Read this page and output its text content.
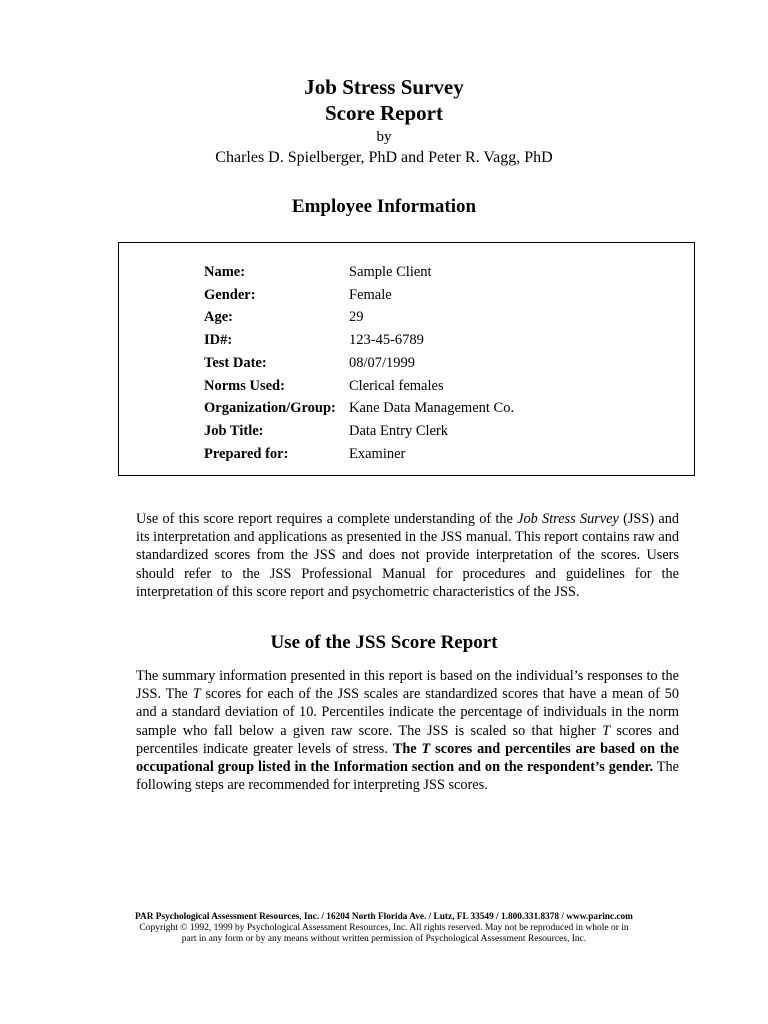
Job Stress Survey
Score Report
by
Charles D. Spielberger, PhD and Peter R. Vagg, PhD
Employee Information
Name:	Sample Client
Gender:	Female
Age:	29
ID#:	123-45-6789
Test Date:	08/07/1999
Norms Used:	Clerical females
Organization/Group:	Kane Data Management Co.
Job Title:	Data Entry Clerk
Prepared for:	Examiner
Use of this score report requires a complete understanding of the Job Stress Survey (JSS) and its interpretation and applications as presented in the JSS manual. This report contains raw and standardized scores from the JSS and does not provide interpretation of the scores. Users should refer to the JSS Professional Manual for procedures and guidelines for the interpretation of this score report and psychometric characteristics of the JSS.
Use of the JSS Score Report
The summary information presented in this report is based on the individual’s responses to the JSS. The T scores for each of the JSS scales are standardized scores that have a mean of 50 and a standard deviation of 10. Percentiles indicate the percentage of individuals in the norm sample who fall below a given raw score. The JSS is scaled so that higher T scores and percentiles indicate greater levels of stress. The T scores and percentiles are based on the occupational group listed in the Information section and on the respondent’s gender. The following steps are recommended for interpreting JSS scores.
PAR Psychological Assessment Resources, Inc. / 16204 North Florida Ave. / Lutz, FL 33549 / 1.800.331.8378 / www.parinc.com
Copyright © 1992, 1999 by Psychological Assessment Resources, Inc. All rights reserved. May not be reproduced in whole or in
part in any form or by any means without written permission of Psychological Assessment Resources, Inc.
